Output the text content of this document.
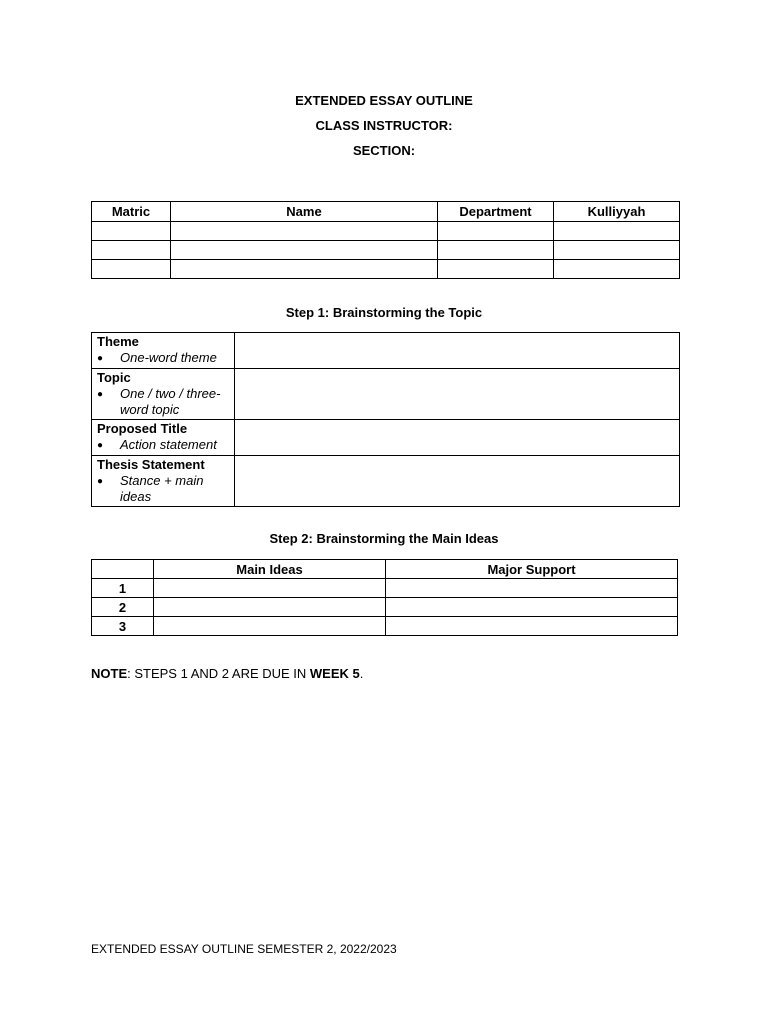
EXTENDED ESSAY OUTLINE
CLASS INSTRUCTOR:
SECTION:
Matric	Name	Department	Kulliyyah

Step 1: Brainstorming the Topic
Theme
● One-word theme	

Topic
● One / two / three-word topic	

Proposed Title
● Action statement	

Thesis Statement
● Stance + main ideas	

Step 2: Brainstorming the Main Ideas
	Main Ideas	Major Support
1		
2		
3		
NOTE: STEPS 1 AND 2 ARE DUE IN WEEK 5.
EXTENDED ESSAY OUTLINE SEMESTER 2, 2022/2023
